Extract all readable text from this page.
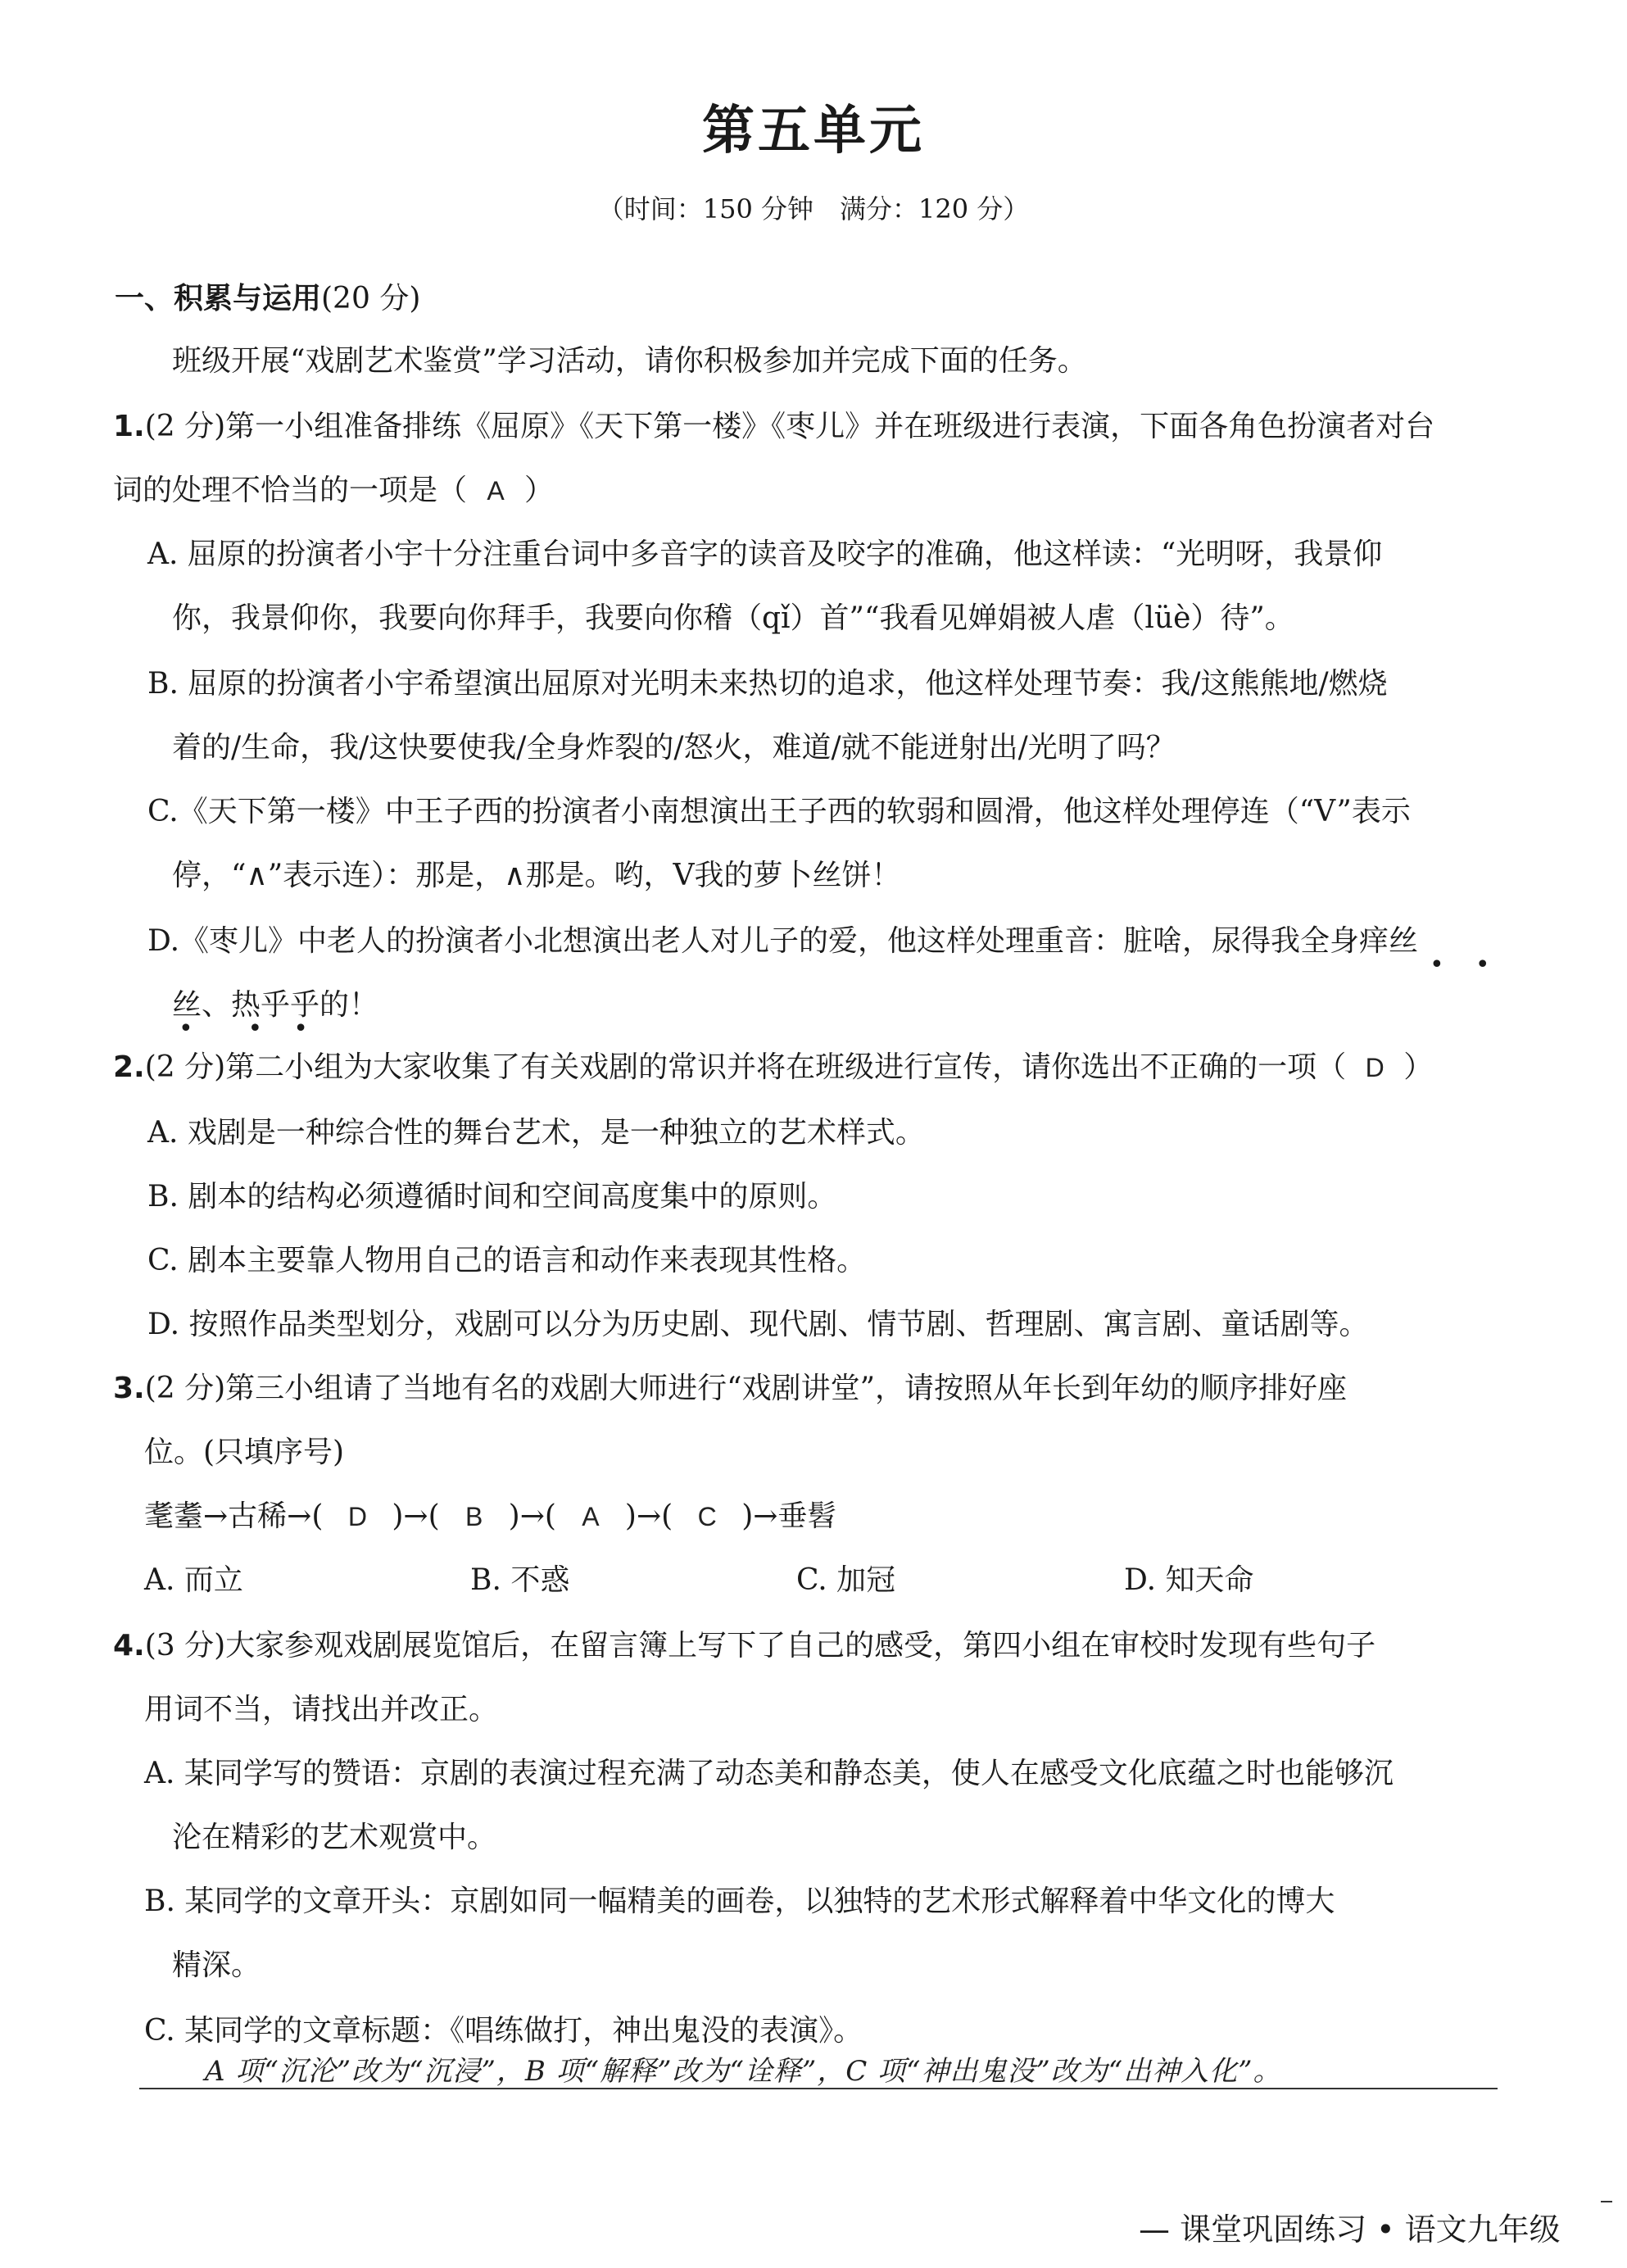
第五单元
（时间：150 分钟　满分：120 分）
一、积累与运用(20 分)
班级开展“戏剧艺术鉴赏”学习活动，请你积极参加并完成下面的任务。
1.(2 分)第一小组准备排练《屈原》《天下第一楼》《枣儿》并在班级进行表演，下面各角色扮演者对台
词的处理不恰当的一项是（ A ）
A. 屈原的扮演者小宇十分注重台词中多音字的读音及咬字的准确，他这样读：“光明呀，我景仰
你，我景仰你，我要向你拜手，我要向你稽（qǐ）首”“我看见婵娟被人虐（lüè）待”。
B. 屈原的扮演者小宇希望演出屈原对光明未来热切的追求，他这样处理节奏：我/这熊熊地/燃烧
着的/生命，我/这快要使我/全身炸裂的/怒火，难道/就不能迸射出/光明了吗？
C.《天下第一楼》中王子西的扮演者小南想演出王子西的软弱和圆滑，他这样处理停连（“V”表示
停，“∧”表示连）：那是，∧那是。哟，V我的萝卜丝饼！
D.《枣儿》中老人的扮演者小北想演出老人对儿子的爱，他这样处理重音：脏啥，尿得我全身痒丝
•    •
丝、热乎乎的！
•       •    •
2.(2 分)第二小组为大家收集了有关戏剧的常识并将在班级进行宣传，请你选出不正确的一项（ D ）
A. 戏剧是一种综合性的舞台艺术，是一种独立的艺术样式。
B. 剧本的结构必须遵循时间和空间高度集中的原则。
C. 剧本主要靠人物用自己的语言和动作来表现其性格。
D. 按照作品类型划分，戏剧可以分为历史剧、现代剧、情节剧、哲理剧、寓言剧、童话剧等。
3.(2 分)第三小组请了当地有名的戏剧大师进行“戏剧讲堂”，请按照从年长到年幼的顺序排好座
位。(只填序号)
耄耋→古稀→( D )→( B )→( A )→( C )→垂髫
A. 而立	B. 不惑	C. 加冠	D. 知天命
4.(3 分)大家参观戏剧展览馆后，在留言簿上写下了自己的感受，第四小组在审校时发现有些句子
用词不当，请找出并改正。
A. 某同学写的赞语：京剧的表演过程充满了动态美和静态美，使人在感受文化底蕴之时也能够沉
沦在精彩的艺术观赏中。
B. 某同学的文章开头：京剧如同一幅精美的画卷，以独特的艺术形式解释着中华文化的博大
精深。
C. 某同学的文章标题：《唱练做打，神出鬼没的表演》。
A 项“沉沦”改为“沉浸”，B 项“解释”改为“诠释”，C 项“神出鬼没”改为“出神入化”。
— 课堂巩固练习 • 语文九年级
